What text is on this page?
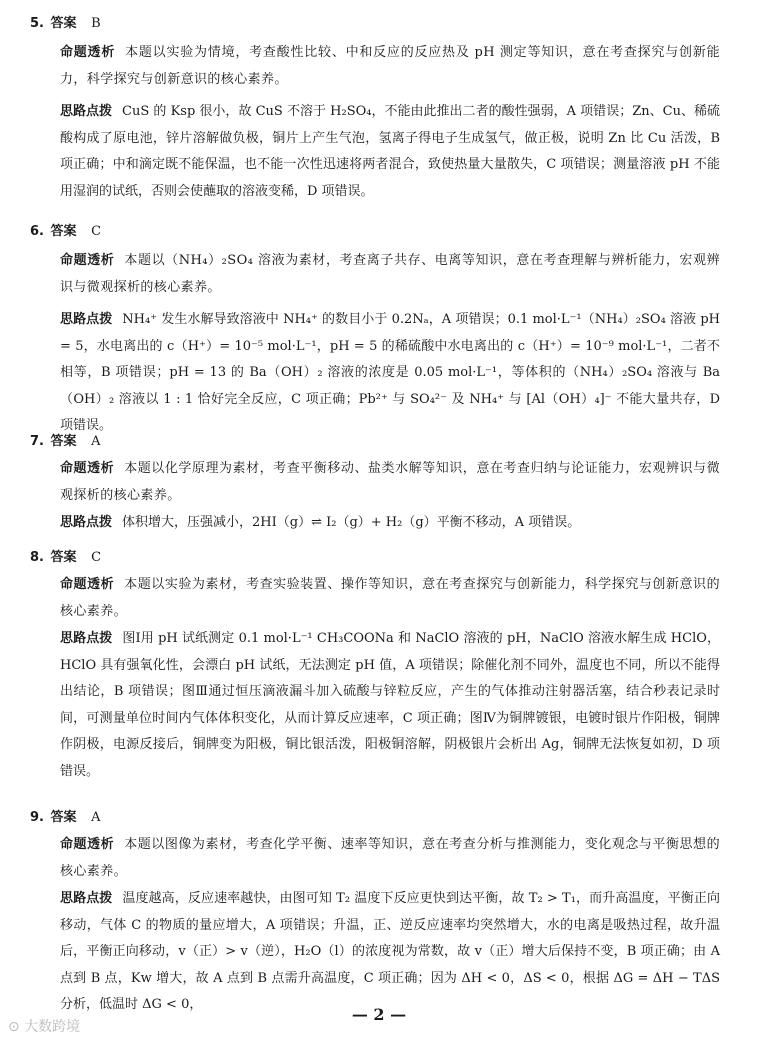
5. 答案 B

命题透析 本题以实验为情境，考查酸性比较、中和反应的反应热及 pH 测定等知识，意在考查探究与创新能力，科学探究与创新意识的核心素养。

思路点拨 CuS 的 Ksp 很小，故 CuS 不溶于 H₂SO₄，不能由此推出二者的酸性强弱，A 项错误；Zn、Cu、稀硫酸构成了原电池，锌片溶解做负极，铜片上产生气泡，氢离子得电子生成氢气，做正极，说明 Zn 比 Cu 活泼，B 项正确；中和滴定既不能保温，也不能一次性迅速将两者混合，致使热量大量散失，C 项错误；测量溶液 pH 不能用湿润的试纸，否则会使蘸取的溶液变稀，D 项错误。

6. 答案 C

命题透析 本题以（NH₄）₂SO₄ 溶液为素材，考查离子共存、电离等知识，意在考查理解与辨析能力，宏观辨识与微观探析的核心素养。

思路点拨 NH₄⁺ 发生水解导致溶液中 NH₄⁺ 的数目小于 0.2Nₐ，A 项错误；0.1 mol·L⁻¹（NH₄）₂SO₄ 溶液 pH = 5，水电离出的 c（H⁺）= 10⁻⁵ mol·L⁻¹，pH = 5 的稀硫酸中水电离出的 c（H⁺）= 10⁻⁹ mol·L⁻¹，二者不相等，B 项错误；pH = 13 的 Ba（OH）₂ 溶液的浓度是 0.05 mol·L⁻¹，等体积的（NH₄）₂SO₄ 溶液与 Ba（OH）₂ 溶液以 1 : 1 恰好完全反应，C 项正确；Pb²⁺ 与 SO₄²⁻ 及 NH₄⁺ 与 [Al（OH）₄]⁻ 不能大量共存，D 项错误。

7. 答案 A

命题透析 本题以化学原理为素材，考查平衡移动、盐类水解等知识，意在考查归纳与论证能力，宏观辨识与微观探析的核心素养。

思路点拨 体积增大，压强减小，2HI（g）⇌ I₂（g）+ H₂（g）平衡不移动，A 项错误。

8. 答案 C

命题透析 本题以实验为素材，考查实验装置、操作等知识，意在考查探究与创新能力，科学探究与创新意识的核心素养。

思路点拨 图Ⅰ用 pH 试纸测定 0.1 mol·L⁻¹ CH₃COONa 和 NaClO 溶液的 pH，NaClO 溶液水解生成 HClO，HClO 具有强氧化性，会漂白 pH 试纸，无法测定 pH 值，A 项错误；除催化剂不同外，温度也不同，所以不能得出结论，B 项错误；图Ⅲ通过恒压滴液漏斗加入硫酸与锌粒反应，产生的气体推动注射器活塞，结合秒表记录时间，可测量单位时间内气体体积变化，从而计算反应速率，C 项正确；图Ⅳ为铜牌镀银，电镀时银片作阳极，铜牌作阴极，电源反接后，铜牌变为阳极，铜比银活泼，阳极铜溶解，阴极银片会析出 Ag，铜牌无法恢复如初，D 项错误。

9. 答案 A

命题透析 本题以图像为素材，考查化学平衡、速率等知识，意在考查分析与推测能力，变化观念与平衡思想的核心素养。

思路点拨 温度越高，反应速率越快，由图可知 T₂ 温度下反应更快到达平衡，故 T₂ > T₁，而升高温度，平衡正向移动，气体 C 的物质的量应增大，A 项错误；升温，正、逆反应速率均突然增大，水的电离是吸热过程，故升温后，平衡正向移动，v（正）> v（逆），H₂O（l）的浓度视为常数，故 v（正）增大后保持不变，B 项正确；由 A 点到 B 点，Kw 增大，故 A 点到 B 点需升高温度，C 项正确；因为 ΔH < 0，ΔS < 0，根据 ΔG = ΔH − TΔS 分析，低温时 ΔG < 0，

— 2 —
⊙ 大数跨境
